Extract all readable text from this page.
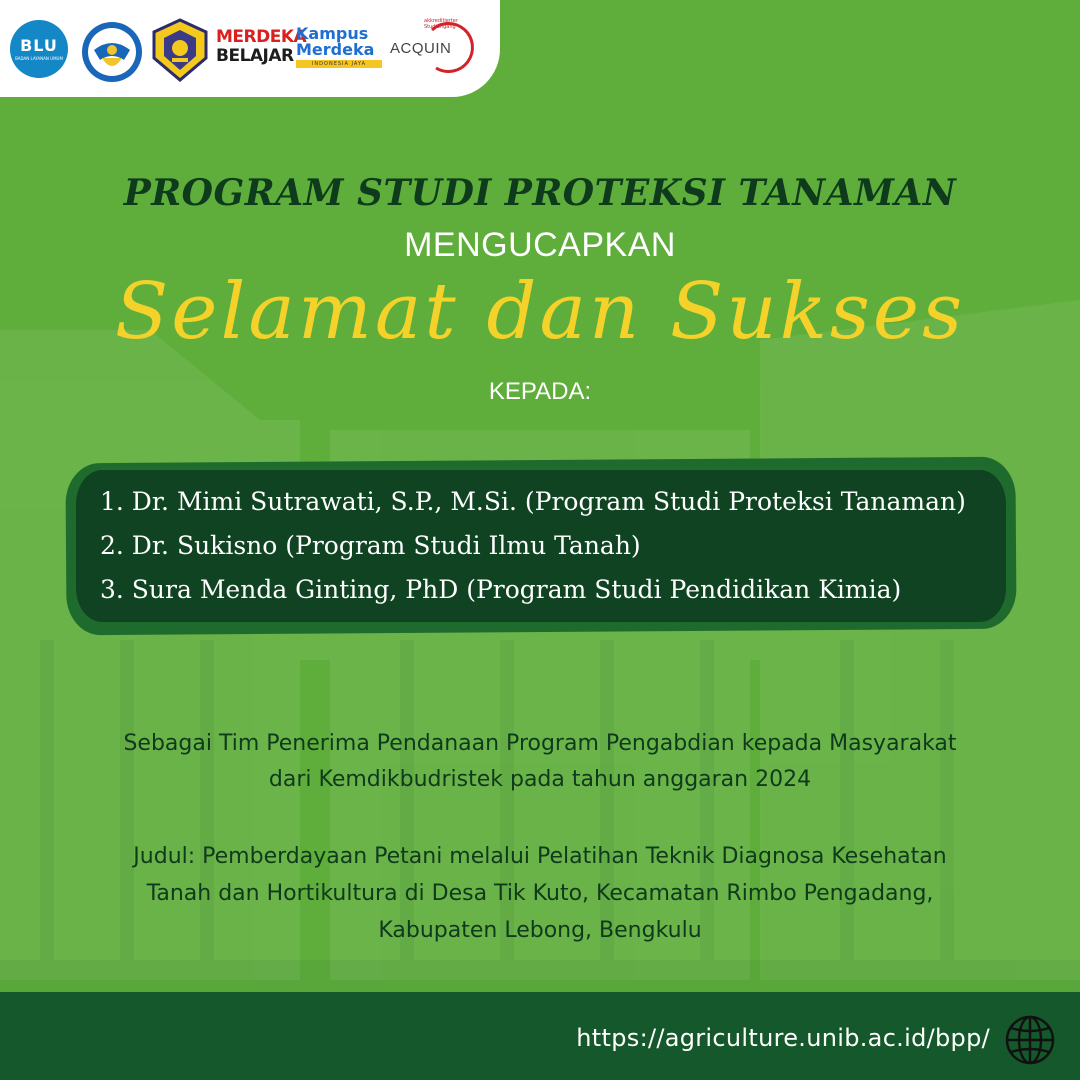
BLU
BADAN LAYANAN UMUM
MERDEKA
BELAJAR
Kampus
Merdeka
INDONESIA JAYA
akkreditierter Studiengang
ACQUIN
PROGRAM STUDI PROTEKSI TANAMAN
MENGUCAPKAN
Selamat dan Sukses
KEPADA:
1. Dr. Mimi Sutrawati, S.P., M.Si. (Program Studi Proteksi Tanaman)
2. Dr. Sukisno (Program Studi Ilmu Tanah)
3. Sura Menda Ginting, PhD (Program Studi Pendidikan Kimia)
Sebagai Tim Penerima Pendanaan Program Pengabdian kepada Masyarakat
dari Kemdikbudristek pada tahun anggaran 2024
Judul: Pemberdayaan Petani melalui Pelatihan Teknik Diagnosa Kesehatan
Tanah dan Hortikultura di Desa Tik Kuto, Kecamatan Rimbo Pengadang,
Kabupaten Lebong, Bengkulu
https://agriculture.unib.ac.id/bpp/
